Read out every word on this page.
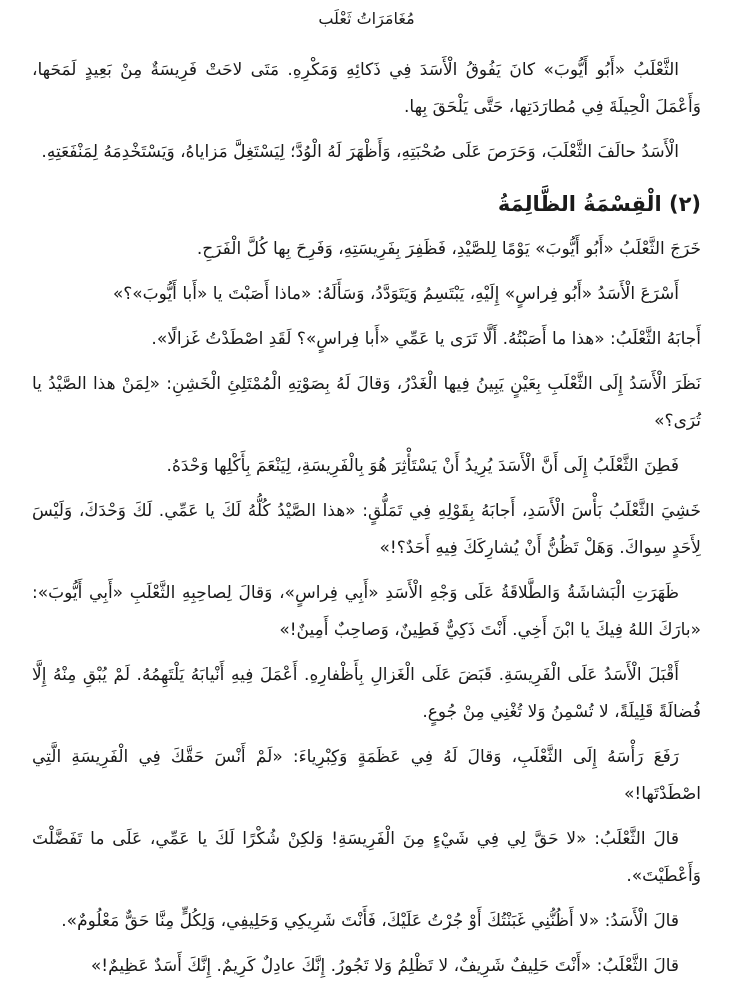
مُغَامَرَاتُ ثَعْلَب

الثَّعْلَبُ «أَبُو أَيُّوبَ» كانَ يَفُوقُ الْأَسَدَ فِي ذَكائِهِ وَمَكْرِهِ. مَتَى لاحَتْ فَرِيسَةٌ مِنْ بَعِيدٍ لَمَحَها، وَأَعْمَلَ الْحِيلَةَ فِي مُطارَدَتِها، حَتَّى يَلْحَقَ بِها.

الْأَسَدُ حالَفَ الثَّعْلَبَ، وَحَرَصَ عَلَى صُحْبَتِهِ، وَأَظْهَرَ لَهُ الْوُدَّ؛ لِيَسْتَغِلَّ مَزاياهُ، وَيَسْتَخْدِمَهُ لِمَنْفَعَتِهِ.

(٢) الْقِسْمَةُ الظَّالِمَةُ

خَرَجَ الثَّعْلَبُ «أَبُو أَيُّوبَ» يَوْمًا لِلصَّيْدِ، فَظَفِرَ بِفَرِيسَتِهِ، وَفَرِحَ بِها كُلَّ الْفَرَحِ.

أَسْرَعَ الْأَسَدُ «أَبُو فِراسٍ» إِلَيْهِ، يَبْتَسِمُ وَيَتَوَدَّدُ، وَسَأَلَهُ: «ماذا أَصَبْتَ يا «أَبا أَيُّوبَ»؟»

أَجابَهُ الثَّعْلَبُ: «هذا ما أَصَبْتُهُ. أَلَّا تَرَى يا عَمِّي «أَبا فِراسٍ»؟ لَقَدِ اصْطَدْتُ غَزالًا».

نَظَرَ الْأَسَدُ إِلَى الثَّعْلَبِ بِعَيْنٍ يَبِينُ فِيها الْغَدْرُ، وَقالَ لَهُ بِصَوْتِهِ الْمُمْتَلِئِ الْخَشِنِ: «لِمَنْ هذا الصَّيْدُ يا تُرَى؟»

فَطِنَ الثَّعْلَبُ إِلَى أَنَّ الْأَسَدَ يُرِيدُ أَنْ يَسْتَأْثِرَ هُوَ بِالْفَرِيسَةِ، لِيَنْعَمَ بِأَكْلِها وَحْدَهُ.

خَشِيَ الثَّعْلَبُ بَأْسَ الْأَسَدِ، أَجابَهُ بِقَوْلِهِ فِي تَمَلُّقٍ: «هذا الصَّيْدُ كُلُّهُ لَكَ يا عَمِّي. لَكَ وَحْدَكَ، وَلَيْسَ لِأَحَدٍ سِواكَ. وَهَلْ تَظُنُّ أَنْ يُشارِكَكَ فِيهِ أَحَدٌ؟!»

ظَهَرَتِ الْبَشاشَةُ وَالطَّلاقَةُ عَلَى وَجْهِ الْأَسَدِ «أَبِي فِراسٍ»، وَقالَ لِصاحِبِهِ الثَّعْلَبِ «أَبِي أَيُّوبَ»: «بارَكَ اللهُ فِيكَ يا ابْنَ أَخِي. أَنْتَ ذَكِيٌّ فَطِينٌ، وَصاحِبٌ أَمِينٌ!»

أَقْبَلَ الْأَسَدُ عَلَى الْفَرِيسَةِ. قَبَضَ عَلَى الْغَزالِ بِأَظْفارِهِ. أَعْمَلَ فِيهِ أَنْيابَهُ يَلْتَهِمُهُ. لَمْ يُبْقِ مِنْهُ إِلَّا فُضالَةً قَلِيلَةً، لا تُسْمِنُ وَلا تُغْنِي مِنْ جُوعٍ.

رَفَعَ رَأْسَهُ إِلَى الثَّعْلَبِ، وَقالَ لَهُ فِي عَظَمَةٍ وَكِبْرِياءَ: «لَمْ أَنْسَ حَقَّكَ فِي الْفَرِيسَةِ الَّتِي اصْطَدْتَها!»

قالَ الثَّعْلَبُ: «لا حَقَّ لِي فِي شَيْءٍ مِنَ الْفَرِيسَةِ! وَلكِنْ شُكْرًا لَكَ يا عَمِّي، عَلَى ما تَفَضَّلْتَ وَأَعْطَيْتَ».

قالَ الْأَسَدُ: «لا أَظُنُّنِي غَبَنْتُكَ أَوْ جُرْتُ عَلَيْكَ، فَأَنْتَ شَرِيكِي وَحَلِيفِي، وَلِكُلٍّ مِنَّا حَقٌّ مَعْلُومٌ».

قالَ الثَّعْلَبُ: «أَنْتَ حَلِيفٌ شَرِيفٌ، لا تَظْلِمُ وَلا تَجُورُ. إِنَّكَ عادِلٌ كَرِيمٌ. إِنَّكَ أَسَدٌ عَظِيمٌ!»
